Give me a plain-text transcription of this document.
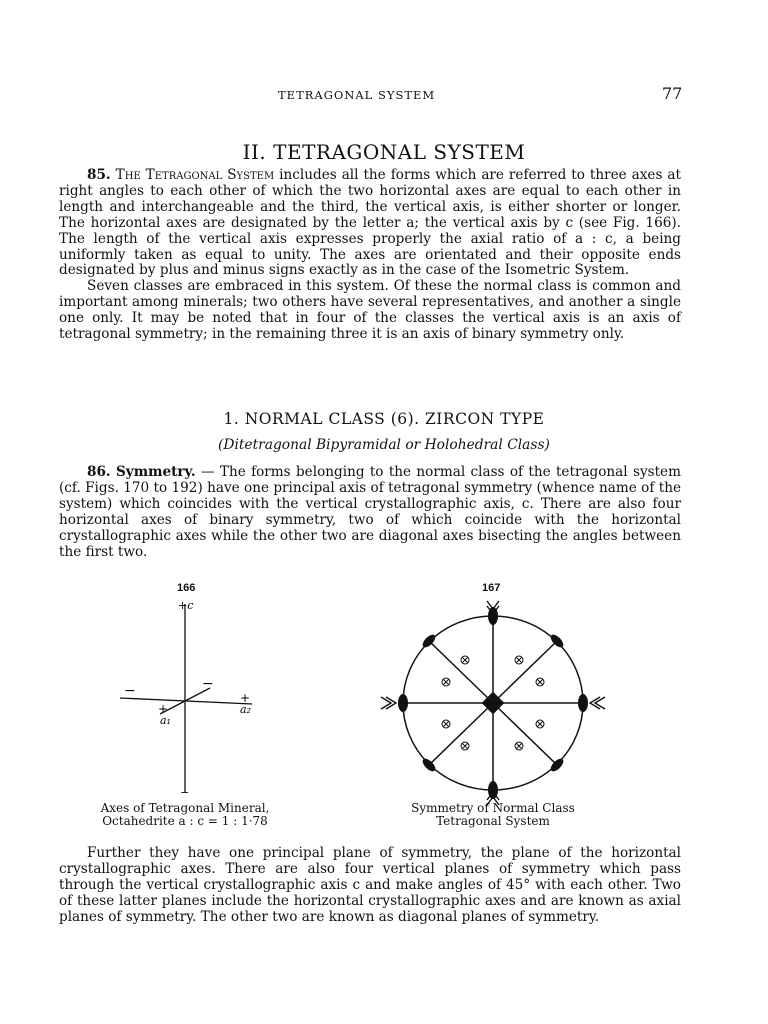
TETRAGONAL SYSTEM	77
II. TETRAGONAL SYSTEM

85. The Tetragonal System includes all the forms which are referred to three axes at right angles to each other of which the two horizontal axes are equal to each other in length and interchangeable and the third, the vertical axis, is either shorter or longer. The horizontal axes are designated by the letter a; the vertical axis by c (see Fig. 166). The length of the vertical axis expresses properly the axial ratio of a : c, a being uniformly taken as equal to unity. The axes are orientated and their opposite ends designated by plus and minus signs exactly as in the case of the Isometric System.

Seven classes are embraced in this system. Of these the normal class is common and important among minerals; two others have several representatives, and another a single one only. It may be noted that in four of the classes the vertical axis is an axis of tetragonal symmetry; in the remaining three it is an axis of binary symmetry only.

1. NORMAL CLASS (6). ZIRCON TYPE
(Ditetragonal Bipyramidal or Holohedral Class)

86. Symmetry. — The forms belonging to the normal class of the tetragonal system (cf. Figs. 170 to 192) have one principal axis of tetragonal symmetry (whence name of the system) which coincides with the vertical crystallographic axis, c. There are also four horizontal axes of binary symmetry, two of which coincide with the horizontal crystallographic axes while the other two are diagonal axes bisecting the angles between the first two.

166
+c
−	−
+
+
a₁
a₂
−
Axes of Tetragonal Mineral,
Octahedrite a : c = 1 : 1·78
167
Symmetry of Normal Class
Tetragonal System

Further they have one principal plane of symmetry, the plane of the horizontal crystallographic axes. There are also four vertical planes of symmetry which pass through the vertical crystallographic axis c and make angles of 45° with each other. Two of these latter planes include the horizontal crystallographic axes and are known as axial planes of symmetry. The other two are known as diagonal planes of symmetry.
